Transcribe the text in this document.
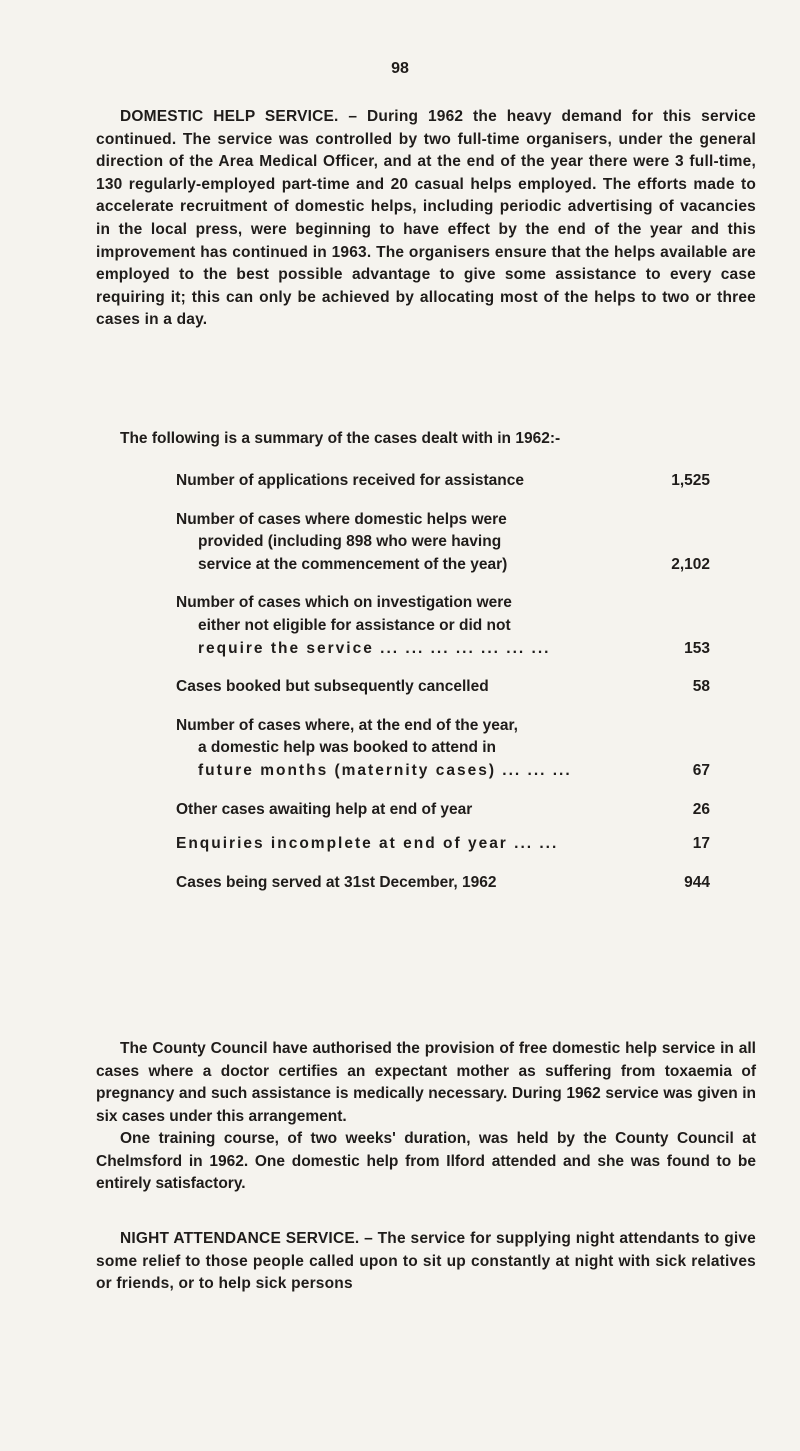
98

DOMESTIC HELP SERVICE. – During 1962 the heavy demand for this service continued. The service was controlled by two full-time organisers, under the general direction of the Area Medical Officer, and at the end of the year there were 3 full-time, 130 regularly-employed part-time and 20 casual helps employed. The efforts made to accelerate recruitment of domestic helps, including periodic advertising of vacancies in the local press, were beginning to have effect by the end of the year and this improvement has continued in 1963. The organisers ensure that the helps available are employed to the best possible advantage to give some assistance to every case requiring it; this can only be achieved by allocating most of the helps to two or three cases in a day.

The following is a summary of the cases dealt with in 1962:-

Number of applications received for assistance	1,525
Number of cases where domestic helps were
provided (including 898 who were having
service at the commencement of the year)	2,102
Number of cases which on investigation were
either not eligible for assistance or did not
require the service ... ... ... ... ... ... ...	153
Cases booked but subsequently cancelled	58
Number of cases where, at the end of the year,
a domestic help was booked to attend in
future months (maternity cases) ... ... ...	67
Other cases awaiting help at end of year	26
Enquiries incomplete at end of year ... ...	17
Cases being served at 31st December, 1962	944

The County Council have authorised the provision of free domestic help service in all cases where a doctor certifies an expectant mother as suffering from toxaemia of pregnancy and such assistance is medically necessary. During 1962 service was given in six cases under this arrangement.

One training course, of two weeks' duration, was held by the County Council at Chelmsford in 1962. One domestic help from Ilford attended and she was found to be entirely satisfactory.

NIGHT ATTENDANCE SERVICE. – The service for supplying night attendants to give some relief to those people called upon to sit up constantly at night with sick relatives or friends, or to help sick persons
